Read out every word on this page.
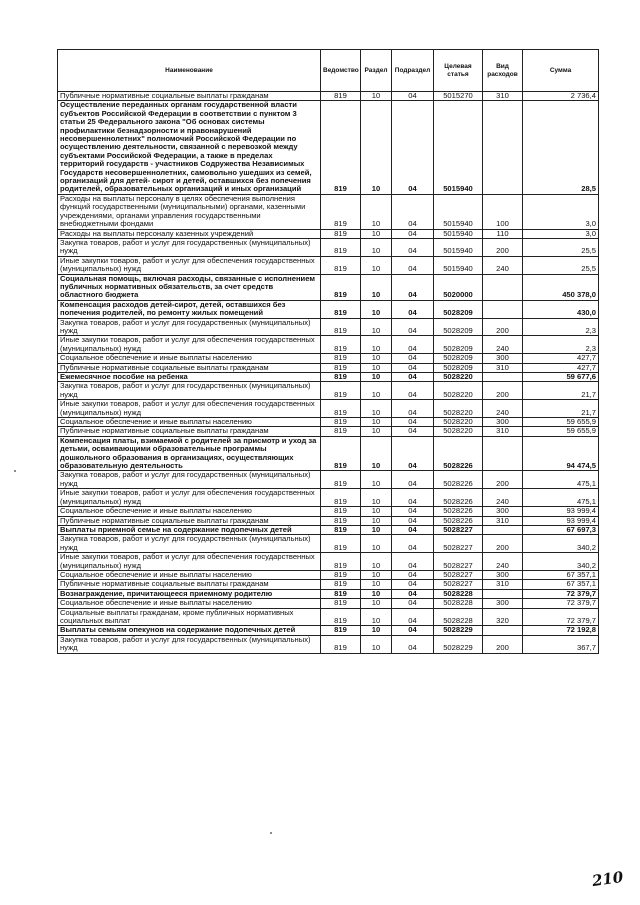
Наименование	Ведомство	Раздел	Подраздел	Целевая статья	Вид расходов	Сумма
Публичные нормативные социальные выплаты гражданам	819	10	04	5015270	310	2 736,4
Осуществление переданных органам государственной власти субъектов Российской Федерации в соответствии с пунктом 3 статьи 25 Федерального закона "Об основах системы профилактики безнадзорности и правонарушений несовершеннолетних" полномочий Российской Федерации по осуществлению деятельности, связанной с перевозкой между субъектами Российской Федерации, а также в пределах территорий государств - участников Содружества Независимых Государств несовершеннолетних, самовольно ушедших из семей, организаций для детей- сирот и детей, оставшихся без попечения родителей, образовательных организаций и иных организаций	819	10	04	5015940		28,5
Расходы на выплаты персоналу в целях обеспечения выполнения функций государственными (муниципальными) органами, казенными учреждениями, органами управления государственными внебюджетными фондами	819	10	04	5015940	100	3,0
Расходы на выплаты персоналу казенных учреждений	819	10	04	5015940	110	3,0
Закупка товаров, работ и услуг для государственных (муниципальных) нужд	819	10	04	5015940	200	25,5
Иные закупки товаров, работ и услуг для обеспечения государственных (муниципальных) нужд	819	10	04	5015940	240	25,5
Социальная помощь, включая расходы, связанные с исполнением публичных нормативных обязательств, за счет средств областного бюджета	819	10	04	5020000		450 378,0
Компенсация расходов детей-сирот, детей, оставшихся без попечения родителей, по ремонту жилых помещений	819	10	04	5028209		430,0
Закупка товаров, работ и услуг для государственных (муниципальных) нужд	819	10	04	5028209	200	2,3
Иные закупки товаров, работ и услуг для обеспечения государственных (муниципальных) нужд	819	10	04	5028209	240	2,3
Социальное обеспечение и иные выплаты населению	819	10	04	5028209	300	427,7
Публичные нормативные социальные выплаты гражданам	819	10	04	5028209	310	427,7
Ежемесячное пособие на ребенка	819	10	04	5028220		59 677,6
Закупка товаров, работ и услуг для государственных (муниципальных) нужд	819	10	04	5028220	200	21,7
Иные закупки товаров, работ и услуг для обеспечения государственных (муниципальных) нужд	819	10	04	5028220	240	21,7
Социальное обеспечение и иные выплаты населению	819	10	04	5028220	300	59 655,9
Публичные нормативные социальные выплаты гражданам	819	10	04	5028220	310	59 655,9
Компенсация платы, взимаемой с родителей за присмотр и уход за детьми, осваивающими образовательные программы дошкольного образования в организациях, осуществляющих образовательную деятельность	819	10	04	5028226		94 474,5
Закупка товаров, работ и услуг для государственных (муниципальных) нужд	819	10	04	5028226	200	475,1
Иные закупки товаров, работ и услуг для обеспечения государственных (муниципальных) нужд	819	10	04	5028226	240	475,1
Социальное обеспечение и иные выплаты населению	819	10	04	5028226	300	93 999,4
Публичные нормативные социальные выплаты гражданам	819	10	04	5028226	310	93 999,4
Выплаты приемной семье на содержание подопечных детей	819	10	04	5028227		67 697,3
Закупка товаров, работ и услуг для государственных (муниципальных) нужд	819	10	04	5028227	200	340,2
Иные закупки товаров, работ и услуг для обеспечения государственных (муниципальных) нужд	819	10	04	5028227	240	340,2
Социальное обеспечение и иные выплаты населению	819	10	04	5028227	300	67 357,1
Публичные нормативные социальные выплаты гражданам	819	10	04	5028227	310	67 357,1
Вознаграждение, причитающееся приемному родителю	819	10	04	5028228		72 379,7
Социальное обеспечение и иные выплаты населению	819	10	04	5028228	300	72 379,7
Социальные выплаты гражданам, кроме публичных нормативных социальных выплат	819	10	04	5028228	320	72 379,7
Выплаты семьям опекунов на содержание подопечных детей	819	10	04	5028229		72 192,8
Закупка товаров, работ и услуг для государственных (муниципальных) нужд	819	10	04	5028229	200	367,7
210
